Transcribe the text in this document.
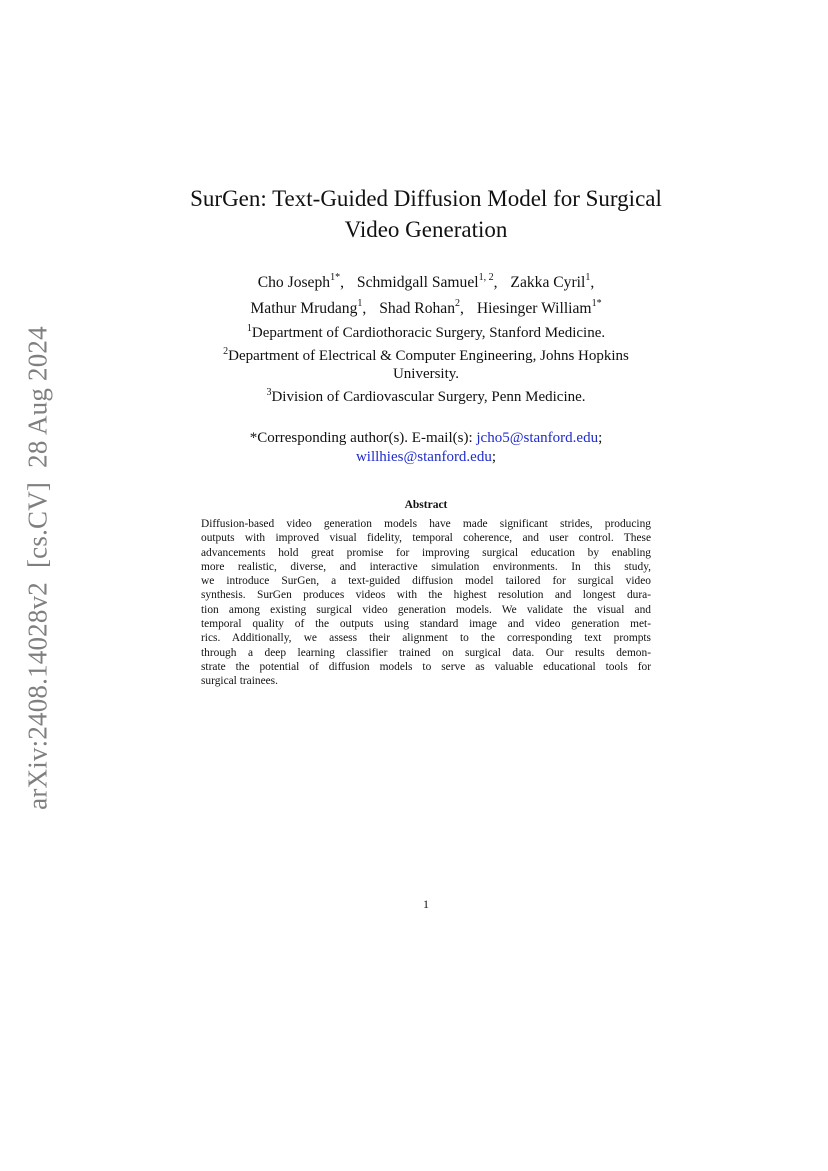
arXiv:2408.14028v2[cs.CV]28 Aug 2024
SurGen: Text-Guided Diffusion Model for Surgical
Video Generation
Cho Joseph$^{1*}$, Schmidgall Samuel$^{1, 2}$, Zakka Cyril$^1$,
Mathur Mrudang$^1$, Shad Rohan$^2$, Hiesinger William$^{1*}$
$^1$Department of Cardiothoracic Surgery, Stanford Medicine.
$^2$Department of Electrical & Computer Engineering, Johns Hopkins
University.
$^3$Division of Cardiovascular Surgery, Penn Medicine.
*Corresponding author(s). E-mail(s): jcho5@stanford.edu;
willhies@stanford.edu;
Abstract
Diffusion-based video generation models have made significant strides, producing
outputs with improved visual fidelity, temporal coherence, and user control. These
advancements hold great promise for improving surgical education by enabling
more realistic, diverse, and interactive simulation environments. In this study,
we introduce SurGen, a text-guided diffusion model tailored for surgical video
synthesis. SurGen produces videos with the highest resolution and longest dura-
tion among existing surgical video generation models. We validate the visual and
temporal quality of the outputs using standard image and video generation met-
rics. Additionally, we assess their alignment to the corresponding text prompts
through a deep learning classifier trained on surgical data. Our results demon-
strate the potential of diffusion models to serve as valuable educational tools for
surgical trainees.
1
